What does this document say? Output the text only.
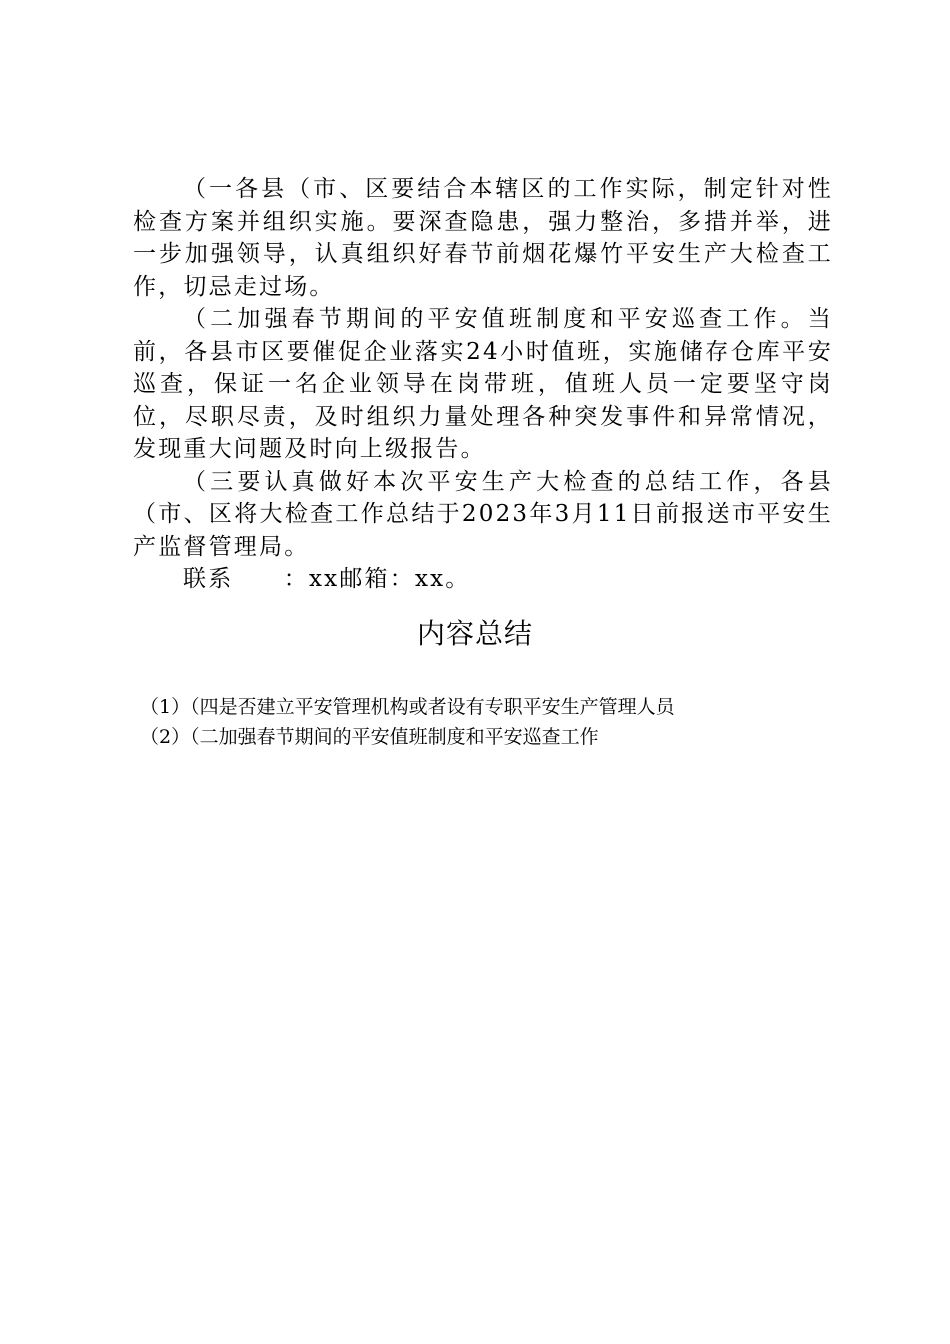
（一各县（市、区要结合本辖区的工作实际，制定针对性检查方案并组织实施。要深查隐患，强力整治，多措并举，进一步加强领导，认真组织好春节前烟花爆竹平安生产大检查工作，切忌走过场。

（二加强春节期间的平安值班制度和平安巡查工作。当前，各县市区要催促企业落实24小时值班，实施储存仓库平安巡查，保证一名企业领导在岗带班，值班人员一定要坚守岗位，尽职尽责，及时组织力量处理各种突发事件和异常情况，发现重大问题及时向上级报告。

（三要认真做好本次平安生产大检查的总结工作，各县（市、区将大检查工作总结于2023年3月11日前报送市平安生产监督管理局。

联系　　：xx邮箱：xx。

内容总结
（1）（四是否建立平安管理机构或者设有专职平安生产管理人员
（2）（二加强春节期间的平安值班制度和平安巡查工作
